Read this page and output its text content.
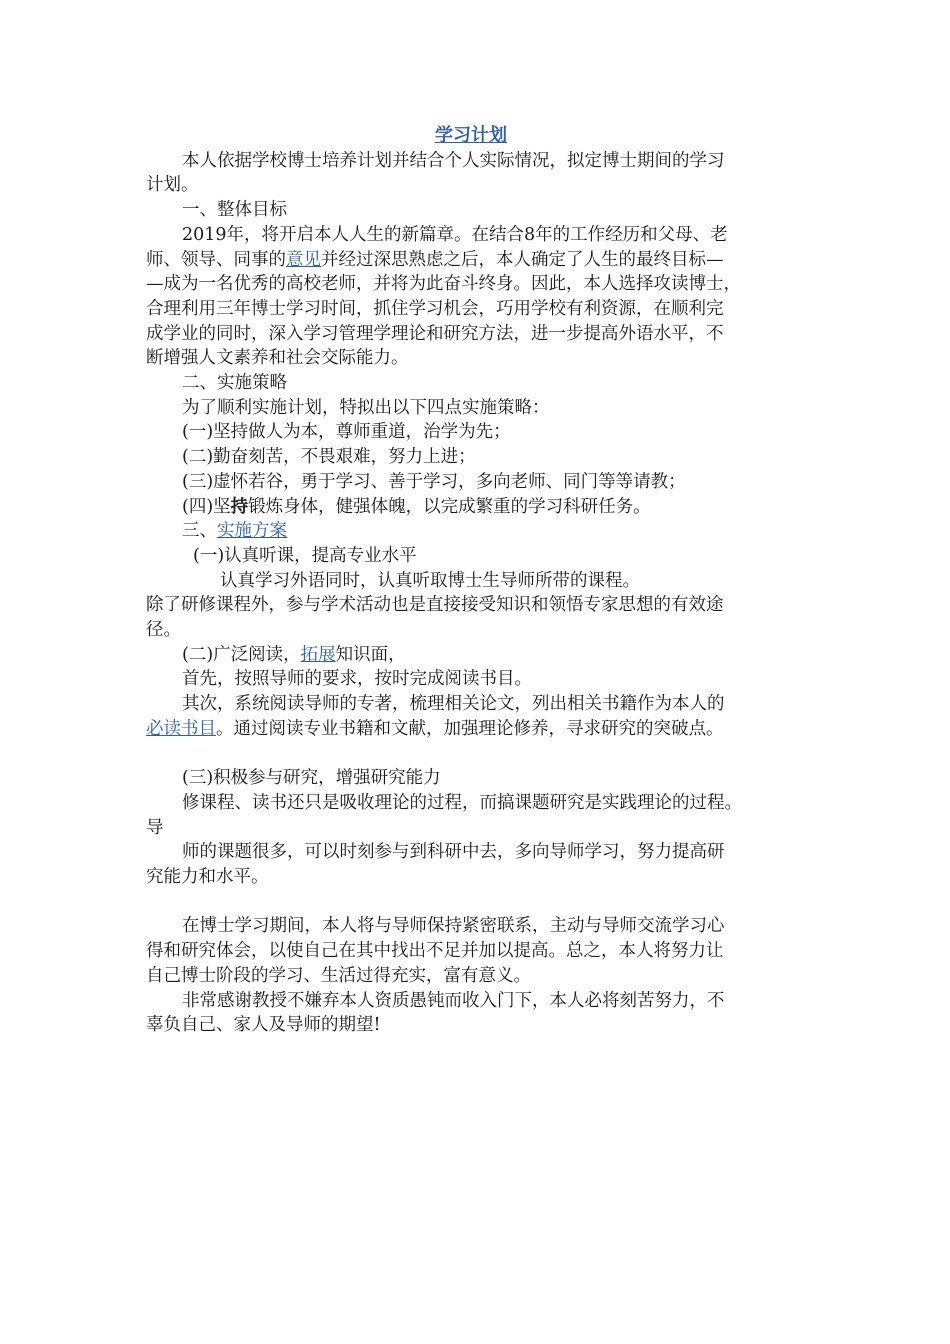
学习计划
本人依据学校博士培养计划并结合个人实际情况，拟定博士期间的学习
计划。
一、整体目标
2019年，将开启本人人生的新篇章。在结合8年的工作经历和父母、老
师、领导、同事的意见并经过深思熟虑之后，本人确定了人生的最终目标—
—成为一名优秀的高校老师，并将为此奋斗终身。因此，本人选择攻读博士，
合理利用三年博士学习时间，抓住学习机会，巧用学校有利资源，在顺利完
成学业的同时，深入学习管理学理论和研究方法，进一步提高外语水平，不
断增强人文素养和社会交际能力。
二、实施策略
为了顺利实施计划，特拟出以下四点实施策略：
(一)坚持做人为本，尊师重道，治学为先；
(二)勤奋刻苦，不畏艰难，努力上进；
(三)虚怀若谷，勇于学习、善于学习，多向老师、同门等等请教；
(四)坚持锻炼身体，健强体魄，以完成繁重的学习科研任务。
三、实施方案
(一)认真听课，提高专业水平
认真学习外语同时，认真听取博士生导师所带的课程。
除了研修课程外，参与学术活动也是直接接受知识和领悟专家思想的有效途
径。
(二)广泛阅读，拓展知识面，
首先，按照导师的要求，按时完成阅读书目。
其次，系统阅读导师的专著，梳理相关论文，列出相关书籍作为本人的
必读书目。通过阅读专业书籍和文献，加强理论修养，寻求研究的突破点。
(三)积极参与研究，增强研究能力
修课程、读书还只是吸收理论的过程，而搞课题研究是实践理论的过程。
导
师的课题很多，可以时刻参与到科研中去，多向导师学习，努力提高研
究能力和水平。
在博士学习期间，本人将与导师保持紧密联系，主动与导师交流学习心
得和研究体会，以使自己在其中找出不足并加以提高。总之，本人将努力让
自己博士阶段的学习、生活过得充实，富有意义。
非常感谢教授不嫌弃本人资质愚钝而收入门下，本人必将刻苦努力，不
辜负自己、家人及导师的期望!
